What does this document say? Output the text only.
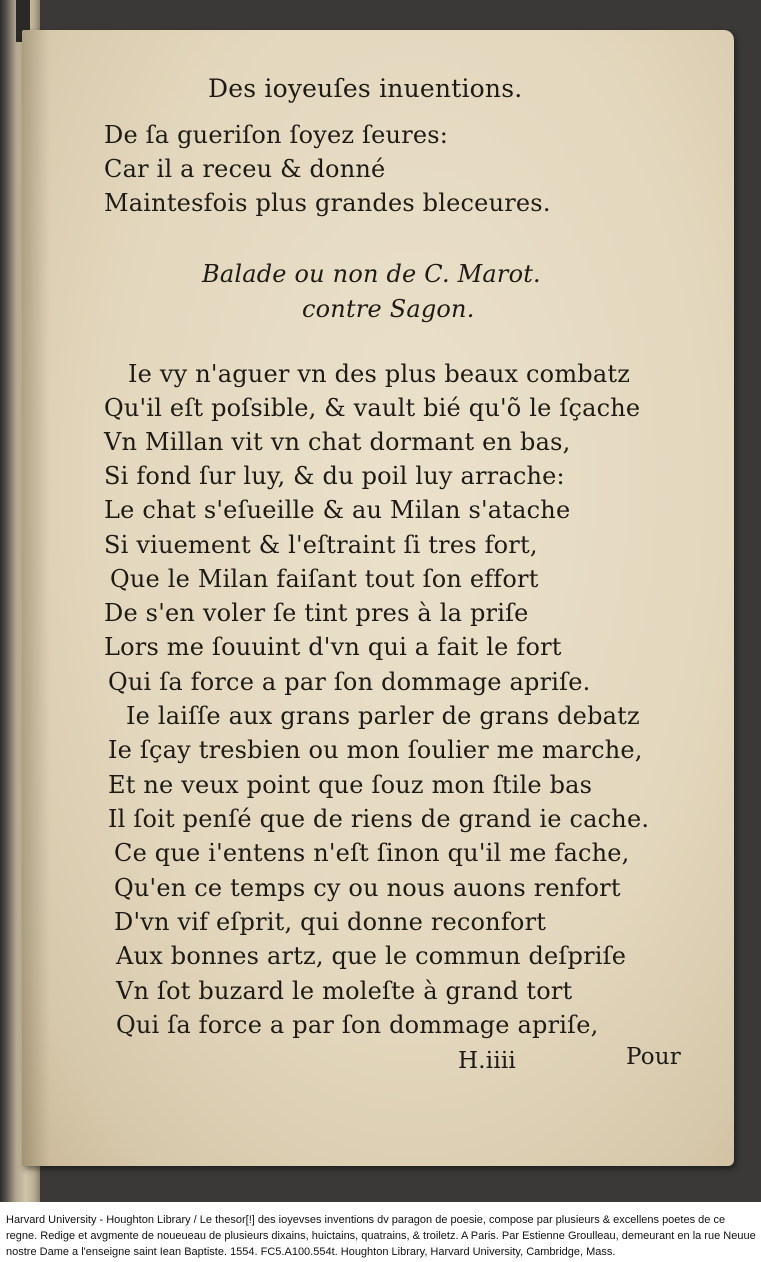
Des ioyeuſes inuentions.
De ſa gueriſon ſoyez ſeures:
Car il a receu & donné
Maintesfois plus grandes bleceures.
Balade ou non de C. Marot.
contre Sagon.
Ie vy n'aguer vn des plus beaux combatz
Qu'il eſt poſsible, & vault bié qu'õ le ſçache
Vn Millan vit vn chat dormant en bas,
Si fond ſur luy, & du poil luy arrache:
Le chat s'eſueille & au Milan s'atache
Si viuement & l'eſtraint ſi tres fort,
Que le Milan faiſant tout ſon effort
De s'en voler ſe tint pres à la priſe
Lors me ſouuint d'vn qui a fait le fort
Qui ſa force a par ſon dommage apriſe.
Ie laiſſe aux grans parler de grans debatz
Ie ſçay tresbien ou mon ſoulier me marche,
Et ne veux point que ſouz mon ſtile bas
Il ſoit penſé que de riens de grand ie cache.
Ce que i'entens n'eſt ſinon qu'il me fache,
Qu'en ce temps cy ou nous auons renfort
D'vn vif eſprit, qui donne reconfort
Aux bonnes artz, que le commun deſpriſe
Vn ſot buzard le moleſte à grand tort
Qui ſa force a par ſon dommage apriſe,
H.iiii	Pour
Harvard University - Houghton Library / Le thesor[!] des ioyevses inventions dv paragon de poesie, compose par plusieurs & excellens poetes de ce regne. Redige et avgmente de noueueau de plusieurs dixains, huictains, quatrains, & troiletz. A Paris. Par Estienne Groulleau, demeurant en la rue Neuue nostre Dame a l'enseigne saint Iean Baptiste. 1554. FC5.A100.554t. Houghton Library, Harvard University, Cambridge, Mass.
